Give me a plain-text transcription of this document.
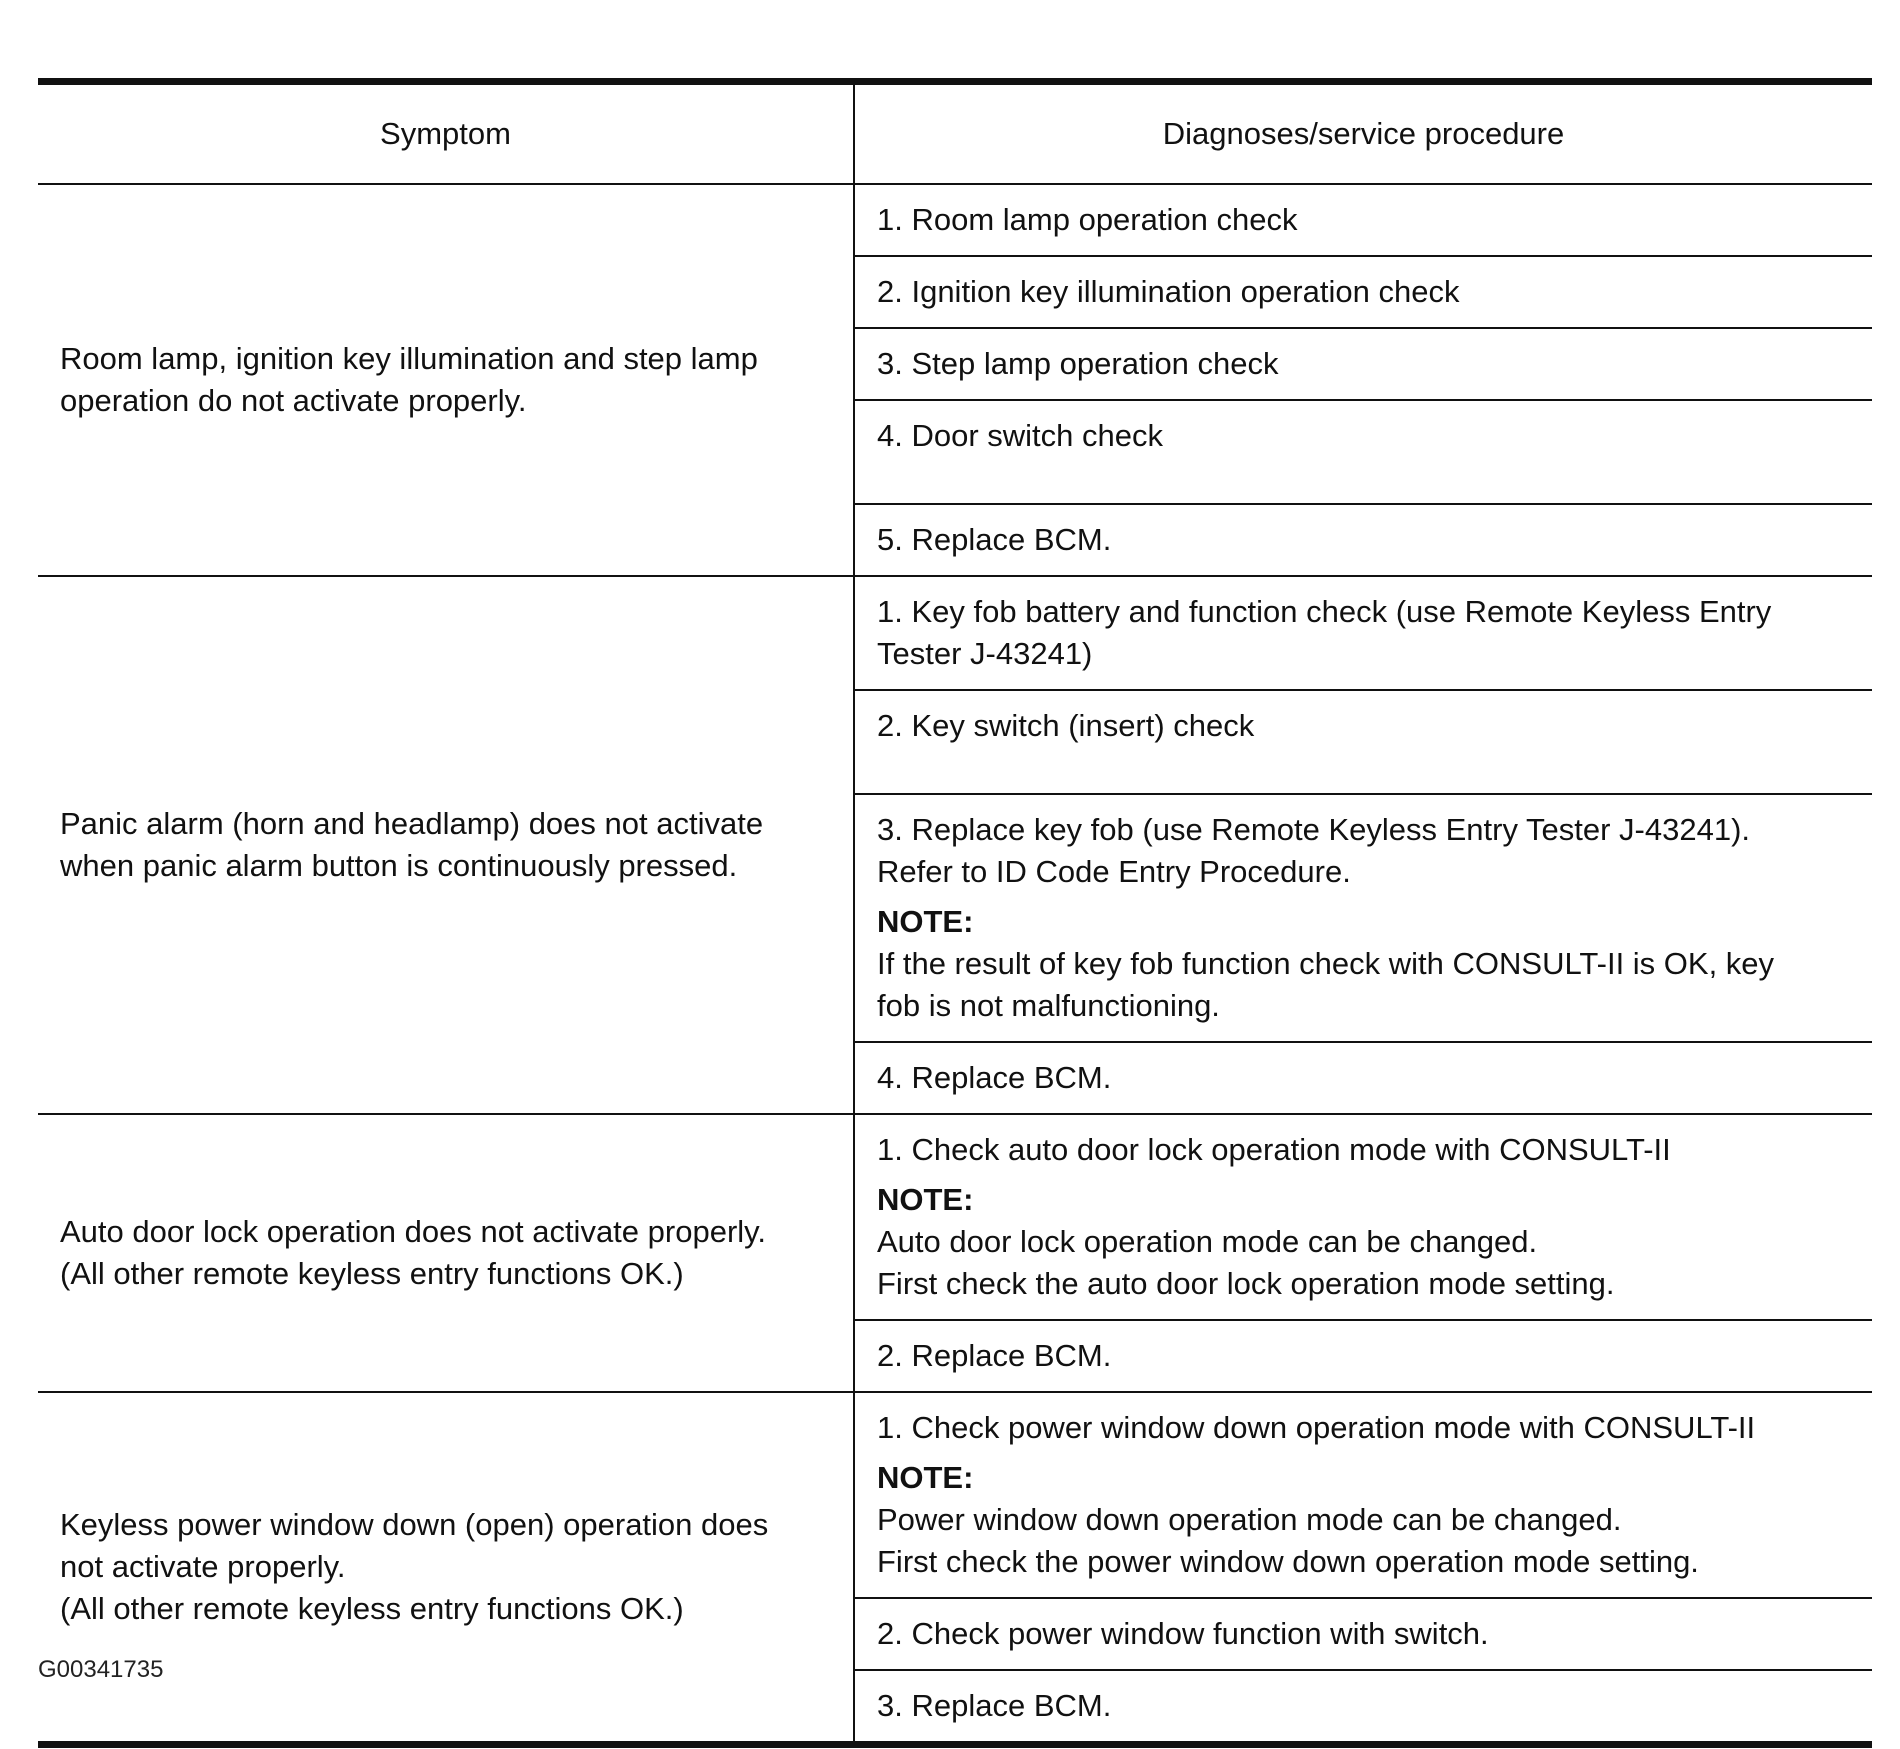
Symptom	Diagnoses/service procedure

Room lamp, ignition key illumination and step lamp
operation do not activate properly.	1. Room lamp operation check

	2. Ignition key illumination operation check

	3. Step lamp operation check

	4. Door switch check

	5. Replace BCM.

Panic alarm (horn and headlamp) does not activate
when panic alarm button is continuously pressed.	1. Key fob battery and function check (use Remote Keyless Entry
Tester J-43241)

	2. Key switch (insert) check

	3. Replace key fob (use Remote Keyless Entry Tester J-43241).
Refer to ID Code Entry Procedure.
NOTE:
If the result of key fob function check with CONSULT-II is OK, key
fob is not malfunctioning.

	4. Replace BCM.

Auto door lock operation does not activate properly.
(All other remote keyless entry functions OK.)	1. Check auto door lock operation mode with CONSULT-II
NOTE:
Auto door lock operation mode can be changed.
First check the auto door lock operation mode setting.

	2. Replace BCM.

Keyless power window down (open) operation does
not activate properly.
(All other remote keyless entry functions OK.)	1. Check power window down operation mode with CONSULT-II
NOTE:
Power window down operation mode can be changed.
First check the power window down operation mode setting.

	2. Check power window function with switch.

	3. Replace BCM.
G00341735
